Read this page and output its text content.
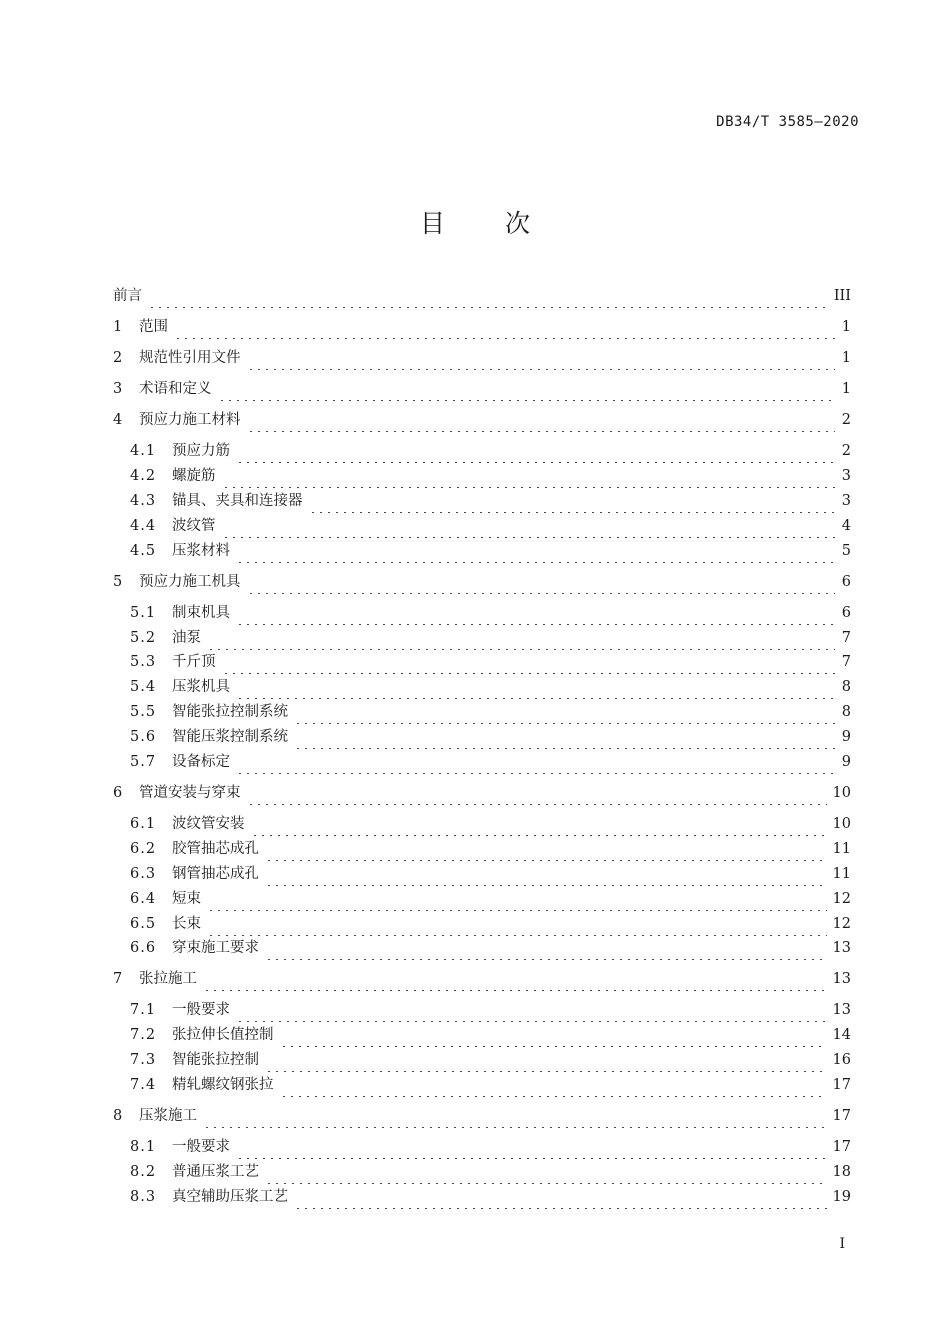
DB34/T 3585—2020
目 次
前言	III
1	范围	1
2	规范性引用文件	1
3	术语和定义	1
4	预应力施工材料	2
4.1	预应力筋	2
4.2	螺旋筋	3
4.3	锚具、夹具和连接器	3
4.4	波纹管	4
4.5	压浆材料	5
5	预应力施工机具	6
5.1	制束机具	6
5.2	油泵	7
5.3	千斤顶	7
5.4	压浆机具	8
5.5	智能张拉控制系统	8
5.6	智能压浆控制系统	9
5.7	设备标定	9
6	管道安装与穿束	10
6.1	波纹管安装	10
6.2	胶管抽芯成孔	11
6.3	钢管抽芯成孔	11
6.4	短束	12
6.5	长束	12
6.6	穿束施工要求	13
7	张拉施工	13
7.1	一般要求	13
7.2	张拉伸长值控制	14
7.3	智能张拉控制	16
7.4	精轧螺纹钢张拉	17
8	压浆施工	17
8.1	一般要求	17
8.2	普通压浆工艺	18
8.3	真空辅助压浆工艺	19
I
